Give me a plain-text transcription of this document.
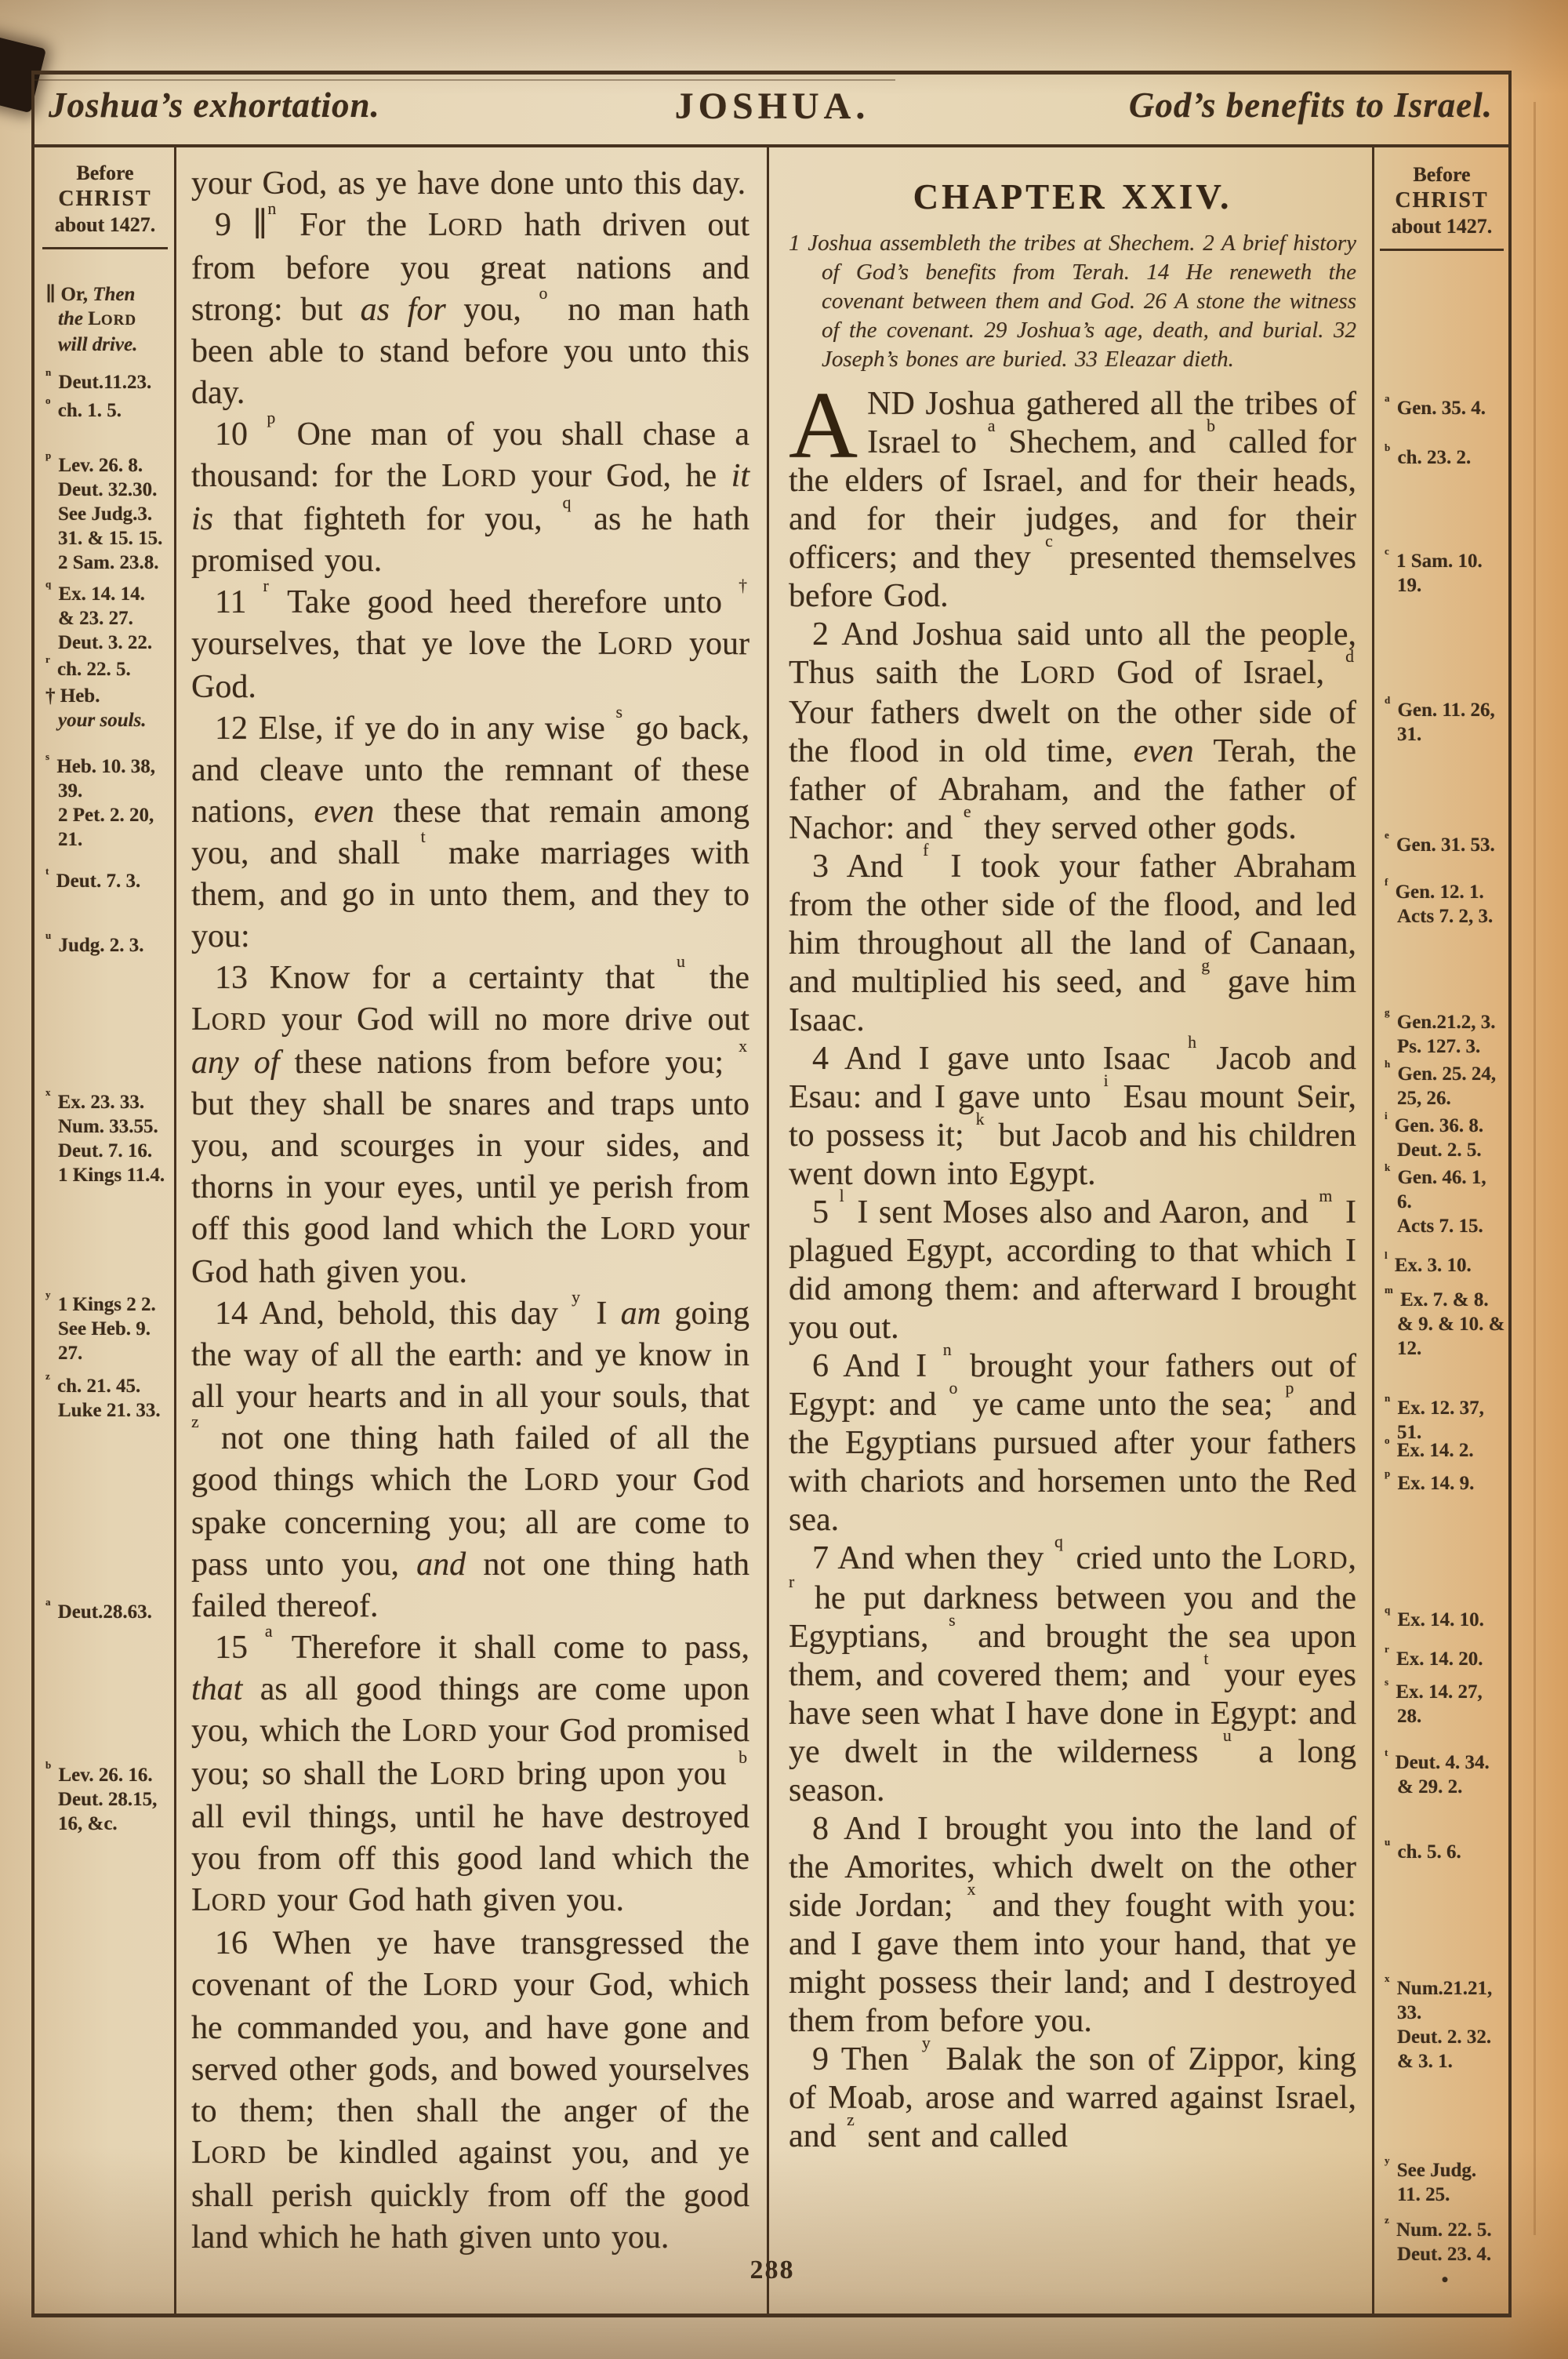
Joshua’s exhortation.	JOSHUA.	God’s benefits to Israel.
Before
CHRIST
about 1427.
Before
CHRIST
about 1427.
∥ Or, Then
the LORD
will drive.
$^n$ Deut.11.23.
$^o$ ch. 1. 5.
$^p$ Lev. 26. 8.
Deut. 32.30.
See Judg.3.
31. & 15. 15.
2 Sam. 23.8.
$^q$ Ex. 14. 14.
& 23. 27.
Deut. 3. 22.
$^r$ ch. 22. 5.
† Heb.
your souls.
$^s$ Heb. 10. 38,
39.
2 Pet. 2. 20,
21.
$^t$ Deut. 7. 3.
$^u$ Judg. 2. 3.
$^x$ Ex. 23. 33.
Num. 33.55.
Deut. 7. 16.
1 Kings 11.4.
$^y$ 1 Kings 2 2.
See Heb. 9.
27.
$^z$ ch. 21. 45.
Luke 21. 33.
$^a$ Deut.28.63.
$^b$ Lev. 26. 16.
Deut. 28.15,
16, &c.
$^a$ Gen. 35. 4.
$^b$ ch. 23. 2.
$^c$ 1 Sam. 10.
19.
$^d$ Gen. 11. 26,
31.
$^e$ Gen. 31. 53.
$^f$ Gen. 12. 1.
Acts 7. 2, 3.
$^g$ Gen.21.2, 3.
Ps. 127. 3.
$^h$ Gen. 25. 24,
25, 26.
$^i$ Gen. 36. 8.
Deut. 2. 5.
$^k$ Gen. 46. 1,
6.
Acts 7. 15.
$^l$ Ex. 3. 10.
$^m$ Ex. 7. & 8.
& 9. & 10. &
12.
$^n$ Ex. 12. 37,
51.
$^o$ Ex. 14. 2.
$^p$ Ex. 14. 9.
$^q$ Ex. 14. 10.
$^r$ Ex. 14. 20.
$^s$ Ex. 14. 27,
28.
$^t$ Deut. 4. 34.
& 29. 2.
$^u$ ch. 5. 6.
$^x$ Num.21.21,
33.
Deut. 2. 32.
& 3. 1.
$^y$ See Judg.
11. 25.
$^z$ Num. 22. 5.
Deut. 23. 4.
•

your God, as ye have done unto this day.

9 ∥$^n$ For the LORD hath driven out from before you great nations and strong: but as for you, $^o$ no man hath been able to stand before you unto this day.

10 $^p$ One man of you shall chase a thousand: for the LORD your God, he it is that fighteth for you, $^q$ as he hath promised you.

11 $^r$ Take good heed therefore unto † yourselves, that ye love the LORD your God.

12 Else, if ye do in any wise $^s$ go back, and cleave unto the remnant of these nations, even these that remain among you, and shall $^t$ make marriages with them, and go in unto them, and they to you:

13 Know for a certainty that $^u$ the LORD your God will no more drive out any of these nations from before you; $^x$ but they shall be snares and traps unto you, and scourges in your sides, and thorns in your eyes, until ye perish from off this good land which the LORD your God hath given you.

14 And, behold, this day $^y$ I am going the way of all the earth: and ye know in all your hearts and in all your souls, that $^z$ not one thing hath failed of all the good things which the LORD your God spake concerning you; all are come to pass unto you, and not one thing hath failed thereof.

15 $^a$ Therefore it shall come to pass, that as all good things are come upon you, which the LORD your God promised you; so shall the LORD bring upon you $^b$ all evil things, until he have destroyed you from off this good land which the LORD your God hath given you.

16 When ye have transgressed the covenant of the LORD your God, which he commanded you, and have gone and served other gods, and bowed yourselves to them; then shall the anger of the LORD be kindled against you, and ye shall perish quickly from off the good land which he hath given unto you.

CHAPTER XXIV.
1 Joshua assembleth the tribes at Shechem. 2 A brief history of God’s benefits from Terah. 14 He reneweth the covenant between them and God. 26 A stone the witness of the covenant. 29 Joshua’s age, death, and burial. 32 Joseph’s bones are buried. 33 Eleazar dieth.

AND Joshua gathered all the tribes of Israel to $^a$ Shechem, and $^b$ called for the elders of Israel, and for their heads, and for their judges, and for their officers; and they $^c$ presented themselves before God.

2 And Joshua said unto all the people, Thus saith the LORD God of Israel, $^d$ Your fathers dwelt on the other side of the flood in old time, even Terah, the father of Abraham, and the father of Nachor: and $^e$ they served other gods.

3 And $^f$ I took your father Abraham from the other side of the flood, and led him throughout all the land of Canaan, and multiplied his seed, and $^g$ gave him Isaac.

4 And I gave unto Isaac $^h$ Jacob and Esau: and I gave unto $^i$ Esau mount Seir, to possess it; $^k$ but Jacob and his children went down into Egypt.

5 $^l$ I sent Moses also and Aaron, and $^m$ I plagued Egypt, according to that which I did among them: and afterward I brought you out.

6 And I $^n$ brought your fathers out of Egypt: and $^o$ ye came unto the sea; $^p$ and the Egyptians pursued after your fathers with chariots and horsemen unto the Red sea.

7 And when they $^q$ cried unto the LORD, $^r$ he put darkness between you and the Egyptians, $^s$ and brought the sea upon them, and covered them; and $^t$ your eyes have seen what I have done in Egypt: and ye dwelt in the wilderness $^u$ a long season.

8 And I brought you into the land of the Amorites, which dwelt on the other side Jordan; $^x$ and they fought with you: and I gave them into your hand, that ye might possess their land; and I destroyed them from before you.

9 Then $^y$ Balak the son of Zippor, king of Moab, arose and warred against Israel, and $^z$ sent and called

288
